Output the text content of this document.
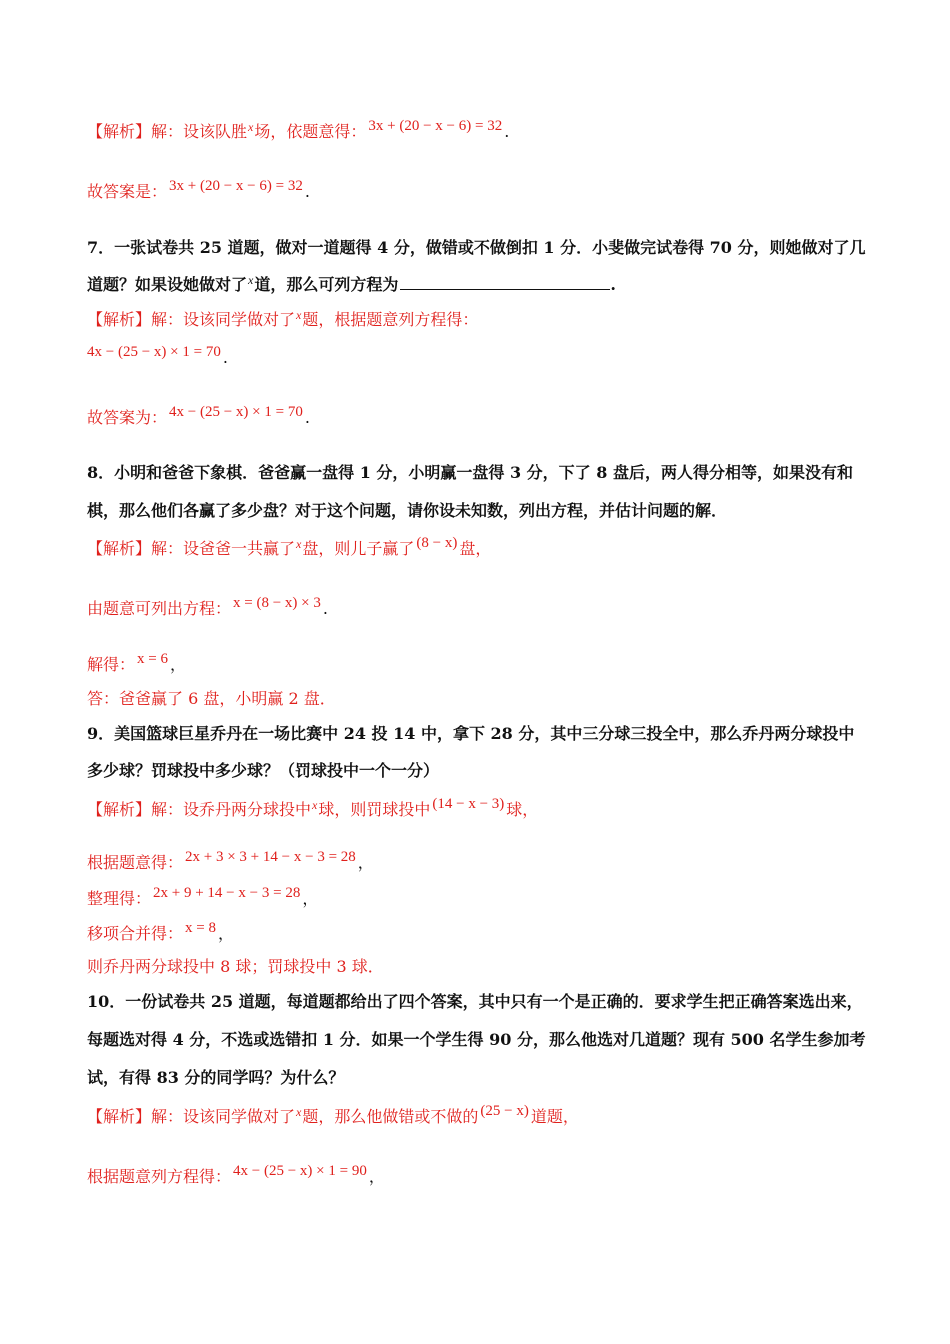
【解析】解：设该队胜$^x$场，依题意得： 3x + (20 − x − 6) = 32 .
故答案是： 3x + (20 − x − 6) = 32 .
7．一张试卷共 25 道题，做对一道题得 4 分，做错或不做倒扣 1 分．小斐做完试卷得 70 分，则她做对了几
道题？如果设她做对了$^x$道，那么可列方程为	.
【解析】解：设该同学做对了$^x$题，根据题意列方程得：
4x − (25 − x) × 1 = 70 .
故答案为： 4x − (25 − x) × 1 = 70 .
8．小明和爸爸下象棋．爸爸赢一盘得 1 分，小明赢一盘得 3 分，下了 8 盘后，两人得分相等，如果没有和
棋，那么他们各赢了多少盘？对于这个问题，请你设未知数，列出方程，并估计问题的解．
【解析】解：设爸爸一共赢了$^x$盘，则儿子赢了 (8 − x) 盘，
由题意可列出方程： x = (8 − x) × 3 .
解得： x = 6 ，
答：爸爸赢了 6 盘，小明赢 2 盘．
9．美国篮球巨星乔丹在一场比赛中 24 投 14 中，拿下 28 分，其中三分球三投全中，那么乔丹两分球投中
多少球？罚球投中多少球？（罚球投中一个一分）
【解析】解：设乔丹两分球投中$^x$球，则罚球投中 (14 − x − 3) 球，
根据题意得： 2x + 3 × 3 + 14 − x − 3 = 28 ，
整理得： 2x + 9 + 14 − x − 3 = 28 ，
移项合并得： x = 8 ，
则乔丹两分球投中 8 球；罚球投中 3 球．
10．一份试卷共 25 道题，每道题都给出了四个答案，其中只有一个是正确的．要求学生把正确答案选出来，
每题选对得 4 分，不选或选错扣 1 分．如果一个学生得 90 分，那么他选对几道题？现有 500 名学生参加考
试，有得 83 分的同学吗？为什么？
【解析】解：设该同学做对了$^x$题，那么他做错或不做的 (25 − x) 道题，
根据题意列方程得： 4x − (25 − x) × 1 = 90 ，
